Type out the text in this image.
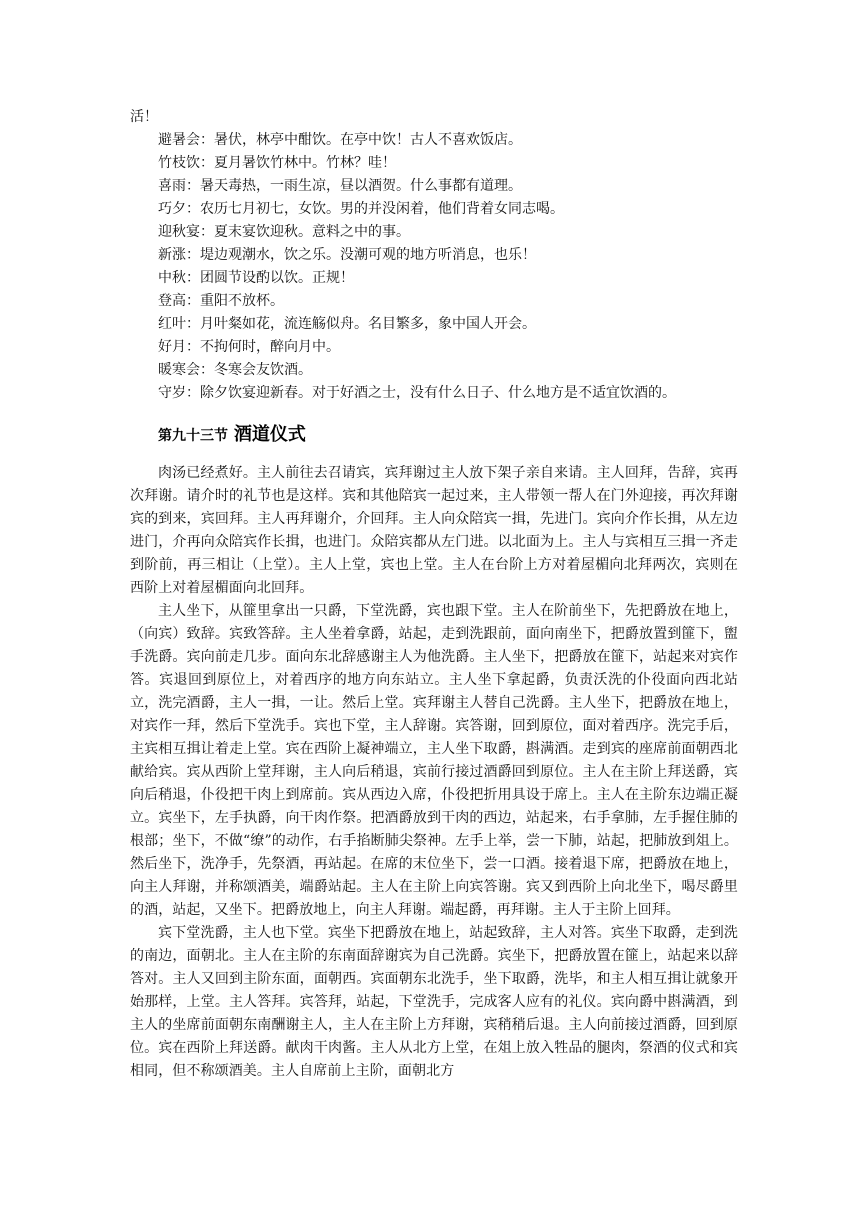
活！

避暑会：暑伏，林亭中酣饮。在亭中饮！古人不喜欢饭店。
竹枝饮：夏月暑饮竹林中。竹林？哇！
喜雨：暑天毒热，一雨生凉，昼以酒贺。什么事都有道理。
巧夕：农历七月初七，女饮。男的并没闲着，他们背着女同志喝。
迎秋宴：夏末宴饮迎秋。意料之中的事。
新涨：堤边观潮水，饮之乐。没潮可观的地方听消息，也乐！
中秋：团圆节设酌以饮。正规！
登高：重阳不放杯。
红叶：月叶粲如花，流连觞似舟。名目繁多，象中国人开会。
好月：不拘何时，醉向月中。
暖寒会：冬寒会友饮酒。
守岁：除夕饮宴迎新春。对于好酒之士，没有什么日子、什么地方是不适宜饮酒的。
第九十三节 酒道仪式

肉汤已经煮好。主人前往去召请宾，宾拜谢过主人放下架子亲自来请。主人回拜，告辞，宾再次拜谢。请介时的礼节也是这样。宾和其他陪宾一起过来，主人带领一帮人在门外迎接，再次拜谢宾的到来，宾回拜。主人再拜谢介，介回拜。主人向众陪宾一揖，先进门。宾向介作长揖，从左边进门，介再向众陪宾作长揖，也进门。众陪宾都从左门进。以北面为上。主人与宾相互三揖一齐走到阶前，再三相让（上堂）。主人上堂，宾也上堂。主人在台阶上方对着屋楣向北拜两次，宾则在西阶上对着屋楣面向北回拜。

主人坐下，从篚里拿出一只爵，下堂洗爵，宾也跟下堂。主人在阶前坐下，先把爵放在地上，（向宾）致辞。宾致答辞。主人坐着拿爵，站起，走到洗跟前，面向南坐下，把爵放置到篚下，盥手洗爵。宾向前走几步。面向东北辞感谢主人为他洗爵。主人坐下，把爵放在篚下，站起来对宾作答。宾退回到原位上，对着西序的地方向东站立。主人坐下拿起爵，负责沃洗的仆役面向西北站立，洗完酒爵，主人一揖，一让。然后上堂。宾拜谢主人替自己洗爵。主人坐下，把爵放在地上，对宾作一拜，然后下堂洗手。宾也下堂，主人辞谢。宾答谢，回到原位，面对着西序。洗完手后，主宾相互揖让着走上堂。宾在西阶上凝神端立，主人坐下取爵，斟满酒。走到宾的座席前面朝西北献给宾。宾从西阶上堂拜谢，主人向后稍退，宾前行接过酒爵回到原位。主人在主阶上拜送爵，宾向后稍退，仆役把干肉上到席前。宾从西边入席，仆役把折用具设于席上。主人在主阶东边端正凝立。宾坐下，左手执爵，向干肉作祭。把酒爵放到干肉的西边，站起来，右手拿肺，左手握住肺的根部；坐下，不做“缭”的动作，右手掐断肺尖祭神。左手上举，尝一下肺，站起，把肺放到俎上。然后坐下，洗净手，先祭酒，再站起。在席的末位坐下，尝一口酒。接着退下席，把爵放在地上，向主人拜谢，并称颂酒美，端爵站起。主人在主阶上向宾答谢。宾又到西阶上向北坐下，喝尽爵里的酒，站起，又坐下。把爵放地上，向主人拜谢。端起爵，再拜谢。主人于主阶上回拜。

宾下堂洗爵，主人也下堂。宾坐下把爵放在地上，站起致辞，主人对答。宾坐下取爵，走到洗的南边，面朝北。主人在主阶的东南面辞谢宾为自己洗爵。宾坐下，把爵放置在篚上，站起来以辞答对。主人又回到主阶东面，面朝西。宾面朝东北洗手，坐下取爵，洗毕，和主人相互揖让就象开始那样，上堂。主人答拜。宾答拜，站起，下堂洗手，完成客人应有的礼仪。宾向爵中斟满酒，到主人的坐席前面朝东南酬谢主人，主人在主阶上方拜谢，宾稍稍后退。主人向前接过酒爵，回到原位。宾在西阶上拜送爵。献肉干肉酱。主人从北方上堂，在俎上放入牲品的腿肉，祭酒的仪式和宾相同，但不称颂酒美。主人自席前上主阶，面朝北方
